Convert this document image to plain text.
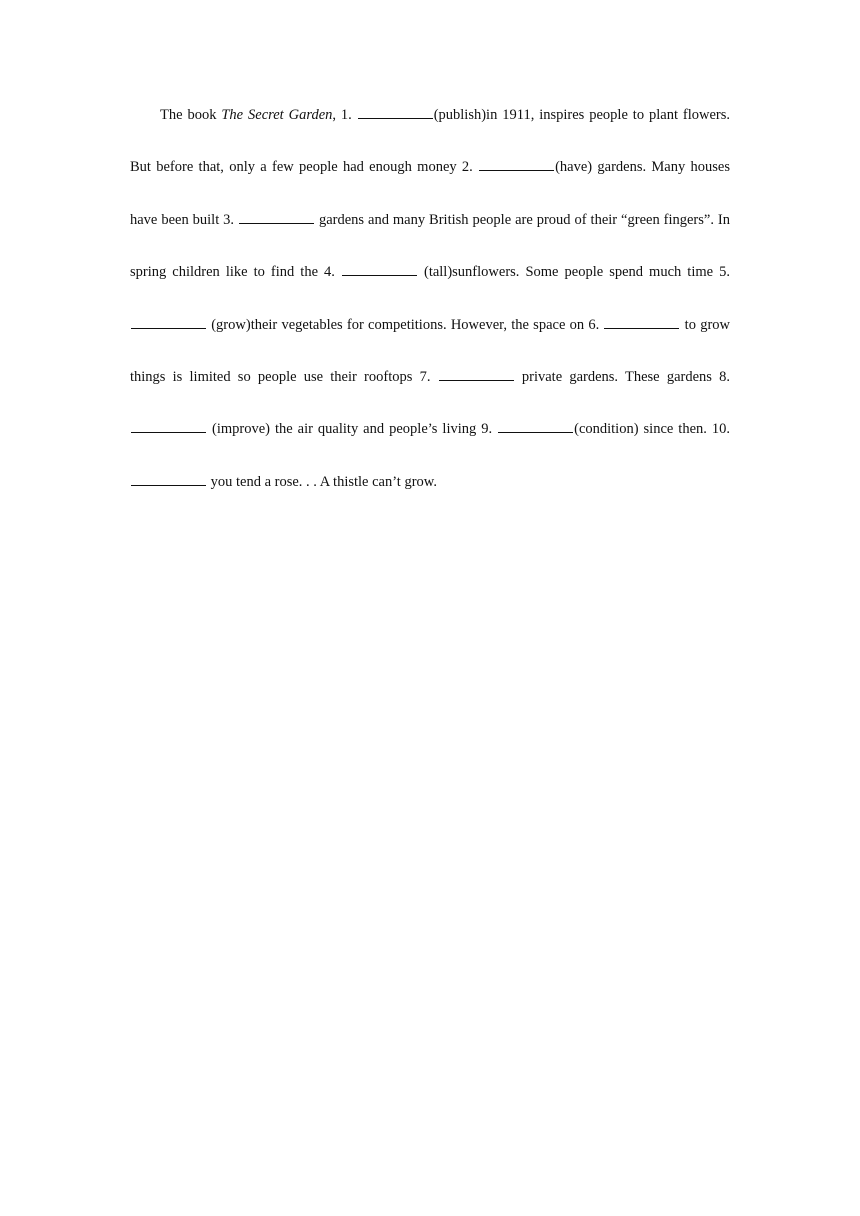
The book The Secret Garden, 1.	(publish)in 1911, inspires people to plant flowers. But before that, only a few people had enough money 2.	(have) gardens. Many houses have been built 3.	gardens and many British people are proud of their “green fingers”. In spring children like to find the 4.	(tall)sunflowers. Some people spend much time 5.  (grow)their vegetables for competitions. However, the space on 6.	to grow things is limited so people use their rooftops 7.	private gardens. These gardens 8.  (improve) the air quality and people’s living 9.	(condition) since then. 10.  you tend a rose. . . A thistle can’t grow.
